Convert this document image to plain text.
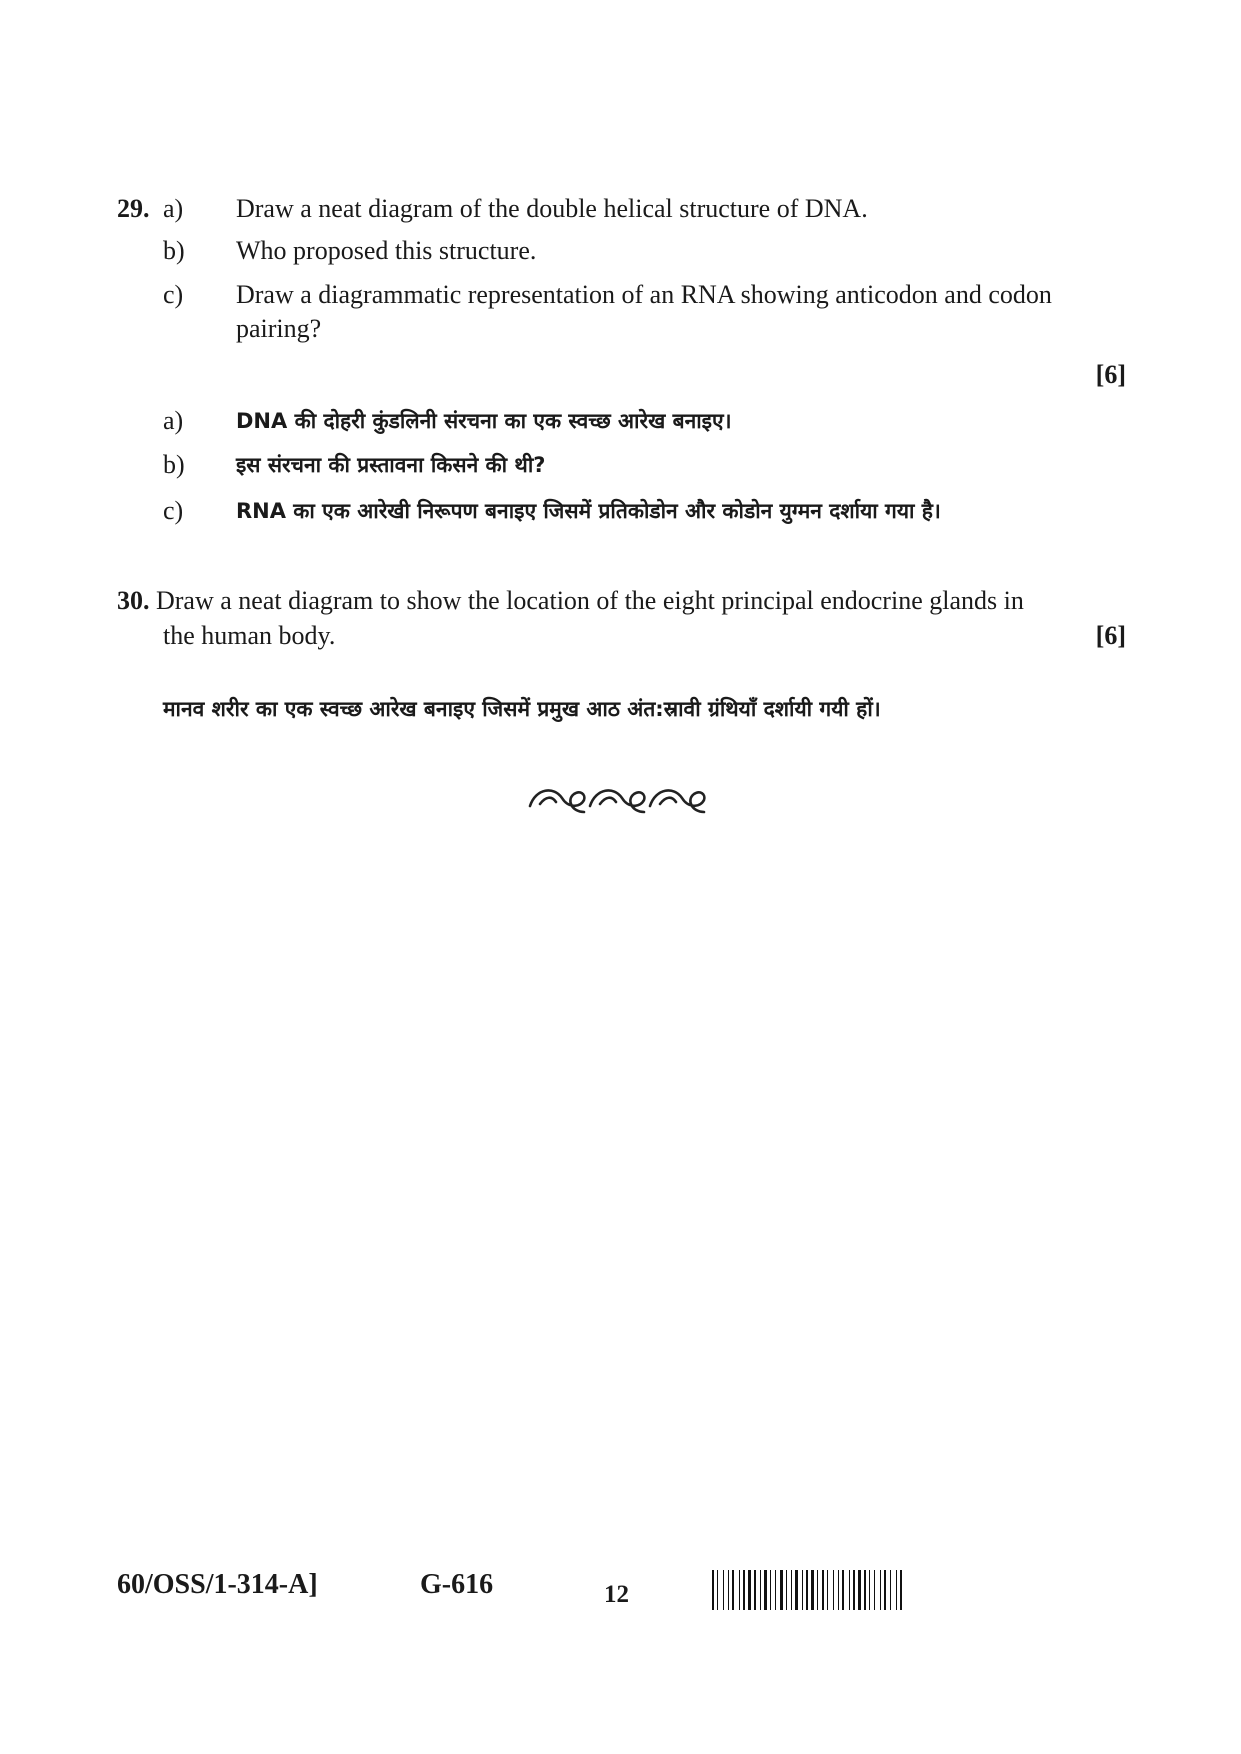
29. a) Draw a neat diagram of the double helical structure of DNA.
b) Who proposed this structure.
c) Draw a diagrammatic representation of an RNA showing anticodon and codon
pairing?
[6]
a)	DNA की दोहरी कुंडलिनी संरचना का एक स्वच्छ आरेख बनाइए।
b) इस संरचना की प्रस्तावना किसने की थी?
c)	RNA का एक आरेखी निरूपण बनाइए जिसमें प्रतिकोडोन और कोडोन युग्मन दर्शाया गया है।
30. Draw a neat diagram to show the location of the eight principal endocrine glands in
the human body.	[6]
मानव शरीर का एक स्वच्छ आरेख बनाइए जिसमें प्रमुख आठ अंत:स्रावी ग्रंथियाँ दर्शायी गयी हों।
60/OSS/1-314-A]	G-616	12
